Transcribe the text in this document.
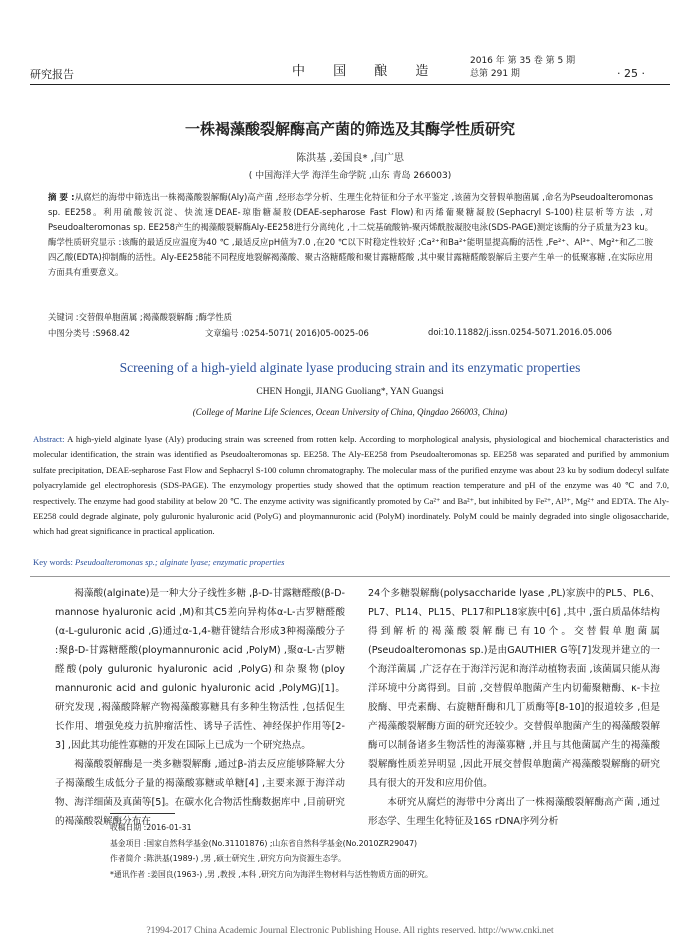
研究报告	中 国 酿 造
2016 年 第 35 卷 第 5 期
总第 291 期	· 25 ·
一株褐藻酸裂解酶高产菌的筛选及其酶学性质研究
陈洪基 ,姜国良* ,闫广思
( 中国海洋大学 海洋生命学院 ,山东 青岛 266003)
摘 要 :从腐烂的海带中筛选出一株褐藻酸裂解酶(Aly)高产菌 ,经形态学分析、生理生化特征和分子水平鉴定 ,该菌为交替假单胞菌属 ,命名为Pseudoalteromonas sp. EE258。利用硫酸铵沉淀、快流速DEAE-琼脂糖凝胶(DEAE-sepharose Fast Flow)和丙烯葡聚糖凝胶(Sephacryl S-100)柱层析等方法 ,对Pseudoalteromonas sp. EE258产生的褐藻酸裂解酶Aly-EE258进行分离纯化 ,十二烷基硫酸钠-聚丙烯酰胺凝胶电泳(SDS-PAGE)测定该酶的分子质量为23 ku。酶学性质研究显示 :该酶的最适反应温度为40 ℃ ,最适反应pH值为7.0 ,在20 ℃以下时稳定性较好 ;Ca²⁺和Ba²⁺能明显提高酶的活性 ,Fe²⁺、Al³⁺、Mg²⁺和乙二胺四乙酸(EDTA)抑制酶的活性。Aly-EE258能不同程度地裂解褐藻酸、聚古洛糖醛酸和聚甘露糖醛酸 ,其中聚甘露糖醛酸裂解后主要产生单一的低聚寡糖 ,在实际应用方面具有重要意义。
关键词 :交替假单胞菌属 ;褐藻酸裂解酶 ;酶学性质
中图分类号 :S968.42	文章编号 :0254-5071( 2016)05-0025-06	doi:10.11882/j.issn.0254-5071.2016.05.006
Screening of a high-yield alginate lyase producing strain and its enzymatic properties
CHEN Hongji, JIANG Guoliang*, YAN Guangsi
(College of Marine Life Sciences, Ocean University of China, Qingdao 266003, China)
Abstract: A high-yield alginate lyase (Aly) producing strain was screened from rotten kelp. According to morphological analysis, physiological and biochemical characteristics and molecular identification, the strain was identified as Pseudoalteromonas sp. EE258. The Aly-EE258 from Pseudoalteromonas sp. EE258 was separated and purified by ammonium sulfate precipitation, DEAE-sepharose Fast Flow and Sephacryl S-100 column chromatography. The molecular mass of the purified enzyme was about 23 ku by sodium dodecyl sulfate polyacrylamide gel electrophoresis (SDS-PAGE). The enzymology properties study showed that the optimum reaction temperature and pH of the enzyme was 40 ℃ and 7.0, respectively. The enzyme had good stability at below 20 ℃. The enzyme activity was significantly promoted by Ca²⁺ and Ba²⁺, but inhibited by Fe²⁺, Al³⁺, Mg²⁺ and EDTA. The Aly-EE258 could degrade alginate, poly guluronic hyaluronic acid (PolyG) and ploymannuronic acid (PolyM) inordinately. PolyM could be mainly degraded into single oligosaccharide, which had great significance in practical application.
Key words: Pseudoalteromonas sp.; alginate lyase; enzymatic properties

褐藻酸(alginate)是一种大分子线性多糖 ,β-D-甘露糖醛酸(β-D-mannose hyaluronic acid ,M)和其C5差向异构体α-L-古罗糖醛酸(α-L-guluronic acid ,G)通过α-1,4-糖苷键结合形成3种褐藻酸分子 :聚β-D-甘露糖醛酸(ploymannuronic acid ,PolyM) ,聚α-L-古罗糖醛酸(poly guluronic hyaluronic acid ,PolyG)和杂聚物(ploy mannuronic acid and gulonic hyaluronic acid ,PolyMG)[1]。研究发现 ,褐藻酸降解产物褐藻酸寡糖具有多种生物活性 ,包括促生长作用、增强免疫力抗肿瘤活性、诱导子活性、神经保护作用等[2-3] ,因此其功能性寡糖的开发在国际上已成为一个研究热点。

褐藻酸裂解酶是一类多糖裂解酶 ,通过β-消去反应能够降解大分子褐藻酸生成低分子量的褐藻酸寡糖或单糖[4] ,主要来源于海洋动物、海洋细菌及真菌等[5]。在碳水化合物活性酶数据库中 ,目前研究的褐藻酸裂解酶分布在

24个多糖裂解酶(polysaccharide lyase ,PL)家族中的PL5、PL6、PL7、PL14、PL15、PL17和PL18家族中[6] ,其中 ,蛋白质晶体结构得到解析的褐藻酸裂解酶已有10个。交替假单胞菌属(Pseudoalteromonas sp.)是由GAUTHIER G等[7]发现并建立的一个海洋菌属 ,广泛存在于海洋污泥和海洋动植物表面 ,该菌属只能从海洋环境中分离得到。目前 ,交替假单胞菌产生内切葡聚糖酶、κ-卡拉胶酶、甲壳素酶、右旋糖酐酶和几丁质酶等[8-10]的报道较多 ,但是产褐藻酸裂解酶方面的研究还较少。交替假单胞菌产生的褐藻酸裂解酶可以制备诸多生物活性的海藻寡糖 ,并且与其他菌属产生的褐藻酸裂解酶性质差异明显 ,因此开展交替假单胞菌产褐藻酸裂解酶的研究具有很大的开发和应用价值。

本研究从腐烂的海带中分离出了一株褐藻酸裂解酶高产菌 ,通过形态学、生理生化特征及16S rDNA序列分析

收稿日期 :2016-01-31
基金项目 :国家自然科学基金(No.31101876) ;山东省自然科学基金(No.2010ZR29047)
作者简介 :陈洪基(1989-) ,男 ,硕士研究生 ,研究方向为资源生态学。
*通讯作者 :姜国良(1963-) ,男 ,教授 ,本科 ,研究方向为海洋生物材料与活性物质方面的研究。
?1994-2017 China Academic Journal Electronic Publishing House. All rights reserved. http://www.cnki.net
